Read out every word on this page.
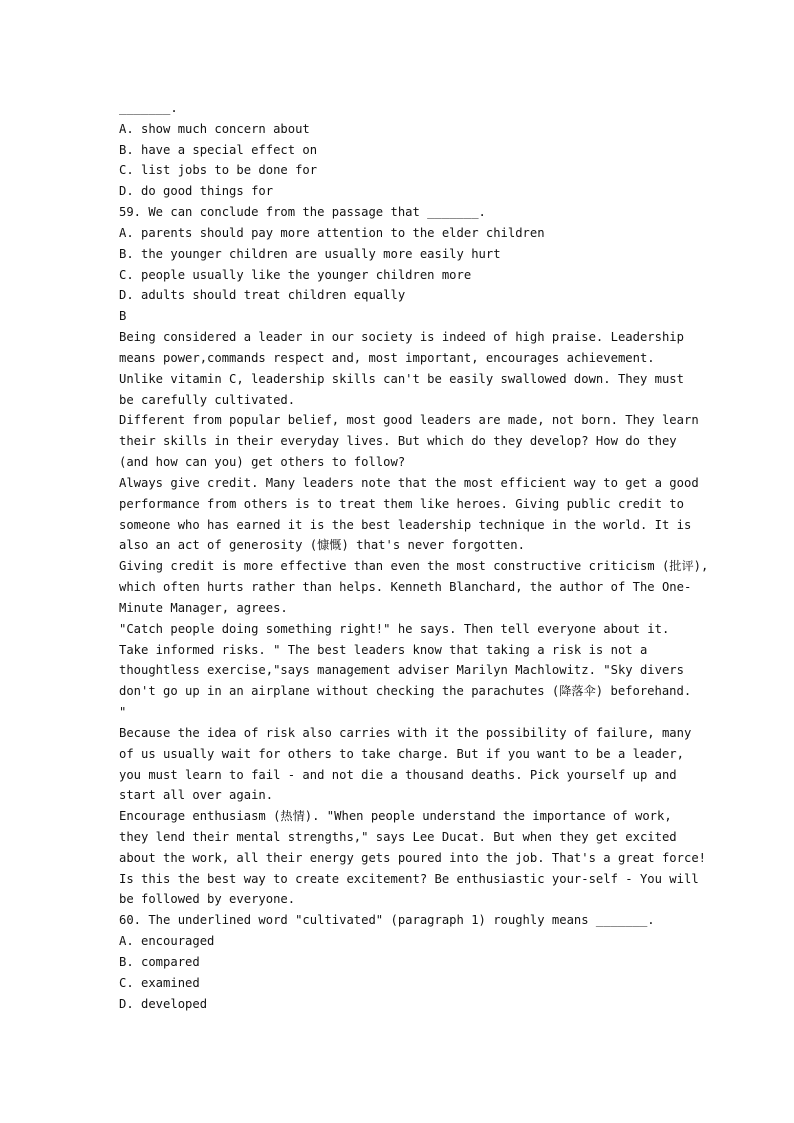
_______.
A. show much concern about
B. have a special effect on
C. list jobs to be done for
D. do good things for
59. We can conclude from the passage that _______.
A. parents should pay more attention to the elder children
B. the younger children are usually more easily hurt
C. people usually like the younger children more
D. adults should treat children equally
B
Being considered a leader in our society is indeed of high praise. Leadership
means power,commands respect and, most important, encourages achievement.
Unlike vitamin C, leadership skills can't be easily swallowed down. They must
be carefully cultivated.
Different from popular belief, most good leaders are made, not born. They learn
their skills in their everyday lives. But which do they develop? How do they
(and how can you) get others to follow?
Always give credit. Many leaders note that the most efficient way to get a good
performance from others is to treat them like heroes. Giving public credit to
someone who has earned it is the best leadership technique in the world. It is
also an act of generosity (慷慨) that's never forgotten.
Giving credit is more effective than even the most constructive criticism (批评),
which often hurts rather than helps. Kenneth Blanchard, the author of The One-
Minute Manager, agrees.
"Catch people doing something right!" he says. Then tell everyone about it.
Take informed risks. " The best leaders know that taking a risk is not a
thoughtless exercise,"says management adviser Marilyn Machlowitz. "Sky divers
don't go up in an airplane without checking the parachutes (降落伞) beforehand.
"
Because the idea of risk also carries with it the possibility of failure, many
of us usually wait for others to take charge. But if you want to be a leader,
you must learn to fail - and not die a thousand deaths. Pick yourself up and
start all over again.
Encourage enthusiasm (热情). "When people understand the importance of work,
they lend their mental strengths," says Lee Ducat. But when they get excited
about the work, all their energy gets poured into the job. That's a great force!
Is this the best way to create excitement? Be enthusiastic your-self - You will
be followed by everyone.
60. The underlined word "cultivated" (paragraph 1) roughly means _______.
A. encouraged
B. compared
C. examined
D. developed
